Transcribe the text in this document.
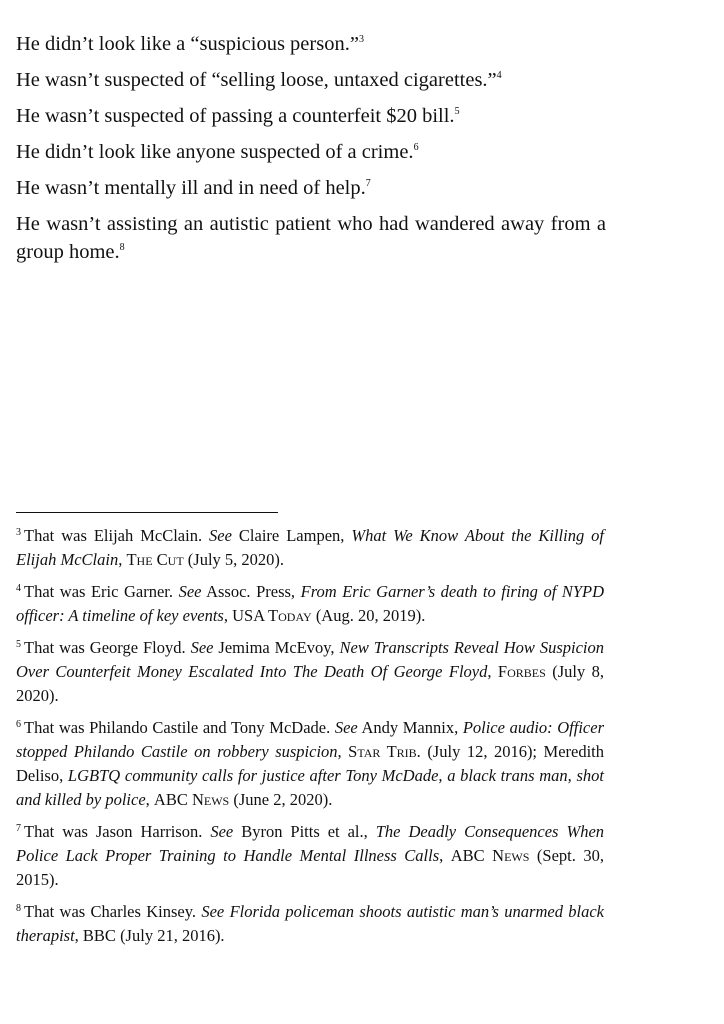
He didn’t look like a “suspicious person.”$^3$

He wasn’t suspected of “selling loose, untaxed cigarettes.”$^4$

He wasn’t suspected of passing a counterfeit $20 bill.$^5$

He didn’t look like anyone suspected of a crime.$^6$

He wasn’t mentally ill and in need of help.$^7$

He wasn’t assisting an autistic patient who had wandered away from a group home.$^8$

$^3$ That was Elijah McClain. See Claire Lampen, What We Know About the Killing of Elijah McClain, The Cut (July 5, 2020).

$^4$ That was Eric Garner. See Assoc. Press, From Eric Garner’s death to firing of NYPD officer: A timeline of key events, USA Today (Aug. 20, 2019).

$^5$ That was George Floyd. See Jemima McEvoy, New Transcripts Reveal How Suspicion Over Counterfeit Money Escalated Into The Death Of George Floyd, Forbes (July 8, 2020).

$^6$ That was Philando Castile and Tony McDade. See Andy Mannix, Police audio: Officer stopped Philando Castile on robbery suspicion, Star Trib. (July 12, 2016); Meredith Deliso, LGBTQ community calls for justice after Tony McDade, a black trans man, shot and killed by police, ABC News (June 2, 2020).

$^7$ That was Jason Harrison. See Byron Pitts et al., The Deadly Consequences When Police Lack Proper Training to Handle Mental Illness Calls, ABC News (Sept. 30, 2015).

$^8$ That was Charles Kinsey. See Florida policeman shoots autistic man’s unarmed black therapist, BBC (July 21, 2016).
